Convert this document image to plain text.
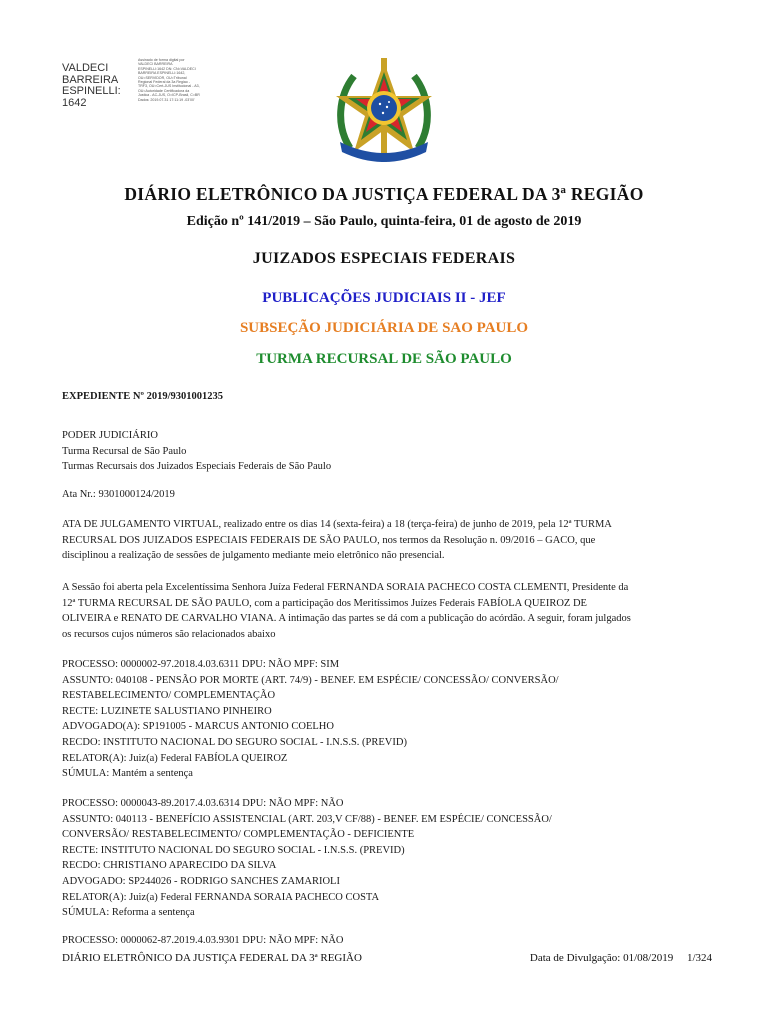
VALDECI
BARREIRA
ESPINELLI:
1642
Assinado de forma digital por VALDECI BARREIRA ESPINELLI:1642 DN: CN=VALDECI BARREIRA ESPINELLI:1642, OU=SERVIDOR, OU=Tribunal Regional Federal da 3a Regiao - TRF3, OU=Cert-JUS Institucional - A3, OU=Autoridade Certificadora da Justica - AC-JUS, O=ICP-Brasil, C=BR Dados: 2019.07.31 17:11:19 -03'00'
DIÁRIO ELETRÔNICO DA JUSTIÇA FEDERAL DA 3ª REGIÃO
Edição nº 141/2019 – São Paulo, quinta-feira, 01 de agosto de 2019
JUIZADOS ESPECIAIS FEDERAIS
PUBLICAÇÕES JUDICIAIS II - JEF
SUBSEÇÃO JUDICIÁRIA DE SAO PAULO
TURMA RECURSAL DE SÃO PAULO
EXPEDIENTE Nº 2019/9301001235

PODER JUDICIÁRIO

Turma Recursal de São Paulo

Turmas Recursais dos Juizados Especiais Federais de São Paulo

Ata Nr.: 9301000124/2019

ATA DE JULGAMENTO VIRTUAL, realizado entre os dias 14 (sexta-feira) a 18 (terça-feira) de junho de 2019, pela 12ª TURMA

RECURSAL DOS JUIZADOS ESPECIAIS FEDERAIS DE SÃO PAULO, nos termos da Resolução n. 09/2016 – GACO, que

disciplinou a realização de sessões de julgamento mediante meio eletrônico não presencial.

A Sessão foi aberta pela Excelentíssima Senhora Juíza Federal FERNANDA SORAIA PACHECO COSTA CLEMENTI, Presidente da

12ª TURMA RECURSAL DE SÃO PAULO, com a participação dos Meritíssimos Juízes Federais FABÍOLA QUEIROZ DE

OLIVEIRA e RENATO DE CARVALHO VIANA. A intimação das partes se dá com a publicação do acórdão. A seguir, foram julgados

os recursos cujos números são relacionados abaixo

PROCESSO: 0000002-97.2018.4.03.6311 DPU: NÃO MPF: SIM

ASSUNTO: 040108 - PENSÃO POR MORTE (ART. 74/9) - BENEF. EM ESPÉCIE/ CONCESSÃO/ CONVERSÃO/

RESTABELECIMENTO/ COMPLEMENTAÇÃO

RECTE: LUZINETE SALUSTIANO PINHEIRO

ADVOGADO(A): SP191005 - MARCUS ANTONIO COELHO

RECDO: INSTITUTO NACIONAL DO SEGURO SOCIAL - I.N.S.S. (PREVID)

RELATOR(A): Juiz(a) Federal FABÍOLA QUEIROZ

SÚMULA: Mantém a sentença

PROCESSO: 0000043-89.2017.4.03.6314 DPU: NÃO MPF: NÃO

ASSUNTO: 040113 - BENEFÍCIO ASSISTENCIAL (ART. 203,V CF/88) - BENEF. EM ESPÉCIE/ CONCESSÃO/

CONVERSÃO/ RESTABELECIMENTO/ COMPLEMENTAÇÃO - DEFICIENTE

RECTE: INSTITUTO NACIONAL DO SEGURO SOCIAL - I.N.S.S. (PREVID)

RECDO: CHRISTIANO APARECIDO DA SILVA

ADVOGADO: SP244026 - RODRIGO SANCHES ZAMARIOLI

RELATOR(A): Juiz(a) Federal FERNANDA SORAIA PACHECO COSTA

SÚMULA: Reforma a sentença

PROCESSO: 0000062-87.2019.4.03.9301 DPU: NÃO MPF: NÃO

DIÁRIO ELETRÔNICO DA JUSTIÇA FEDERAL DA 3ª REGIÃO	Data de Divulgação: 01/08/2019     1/324
